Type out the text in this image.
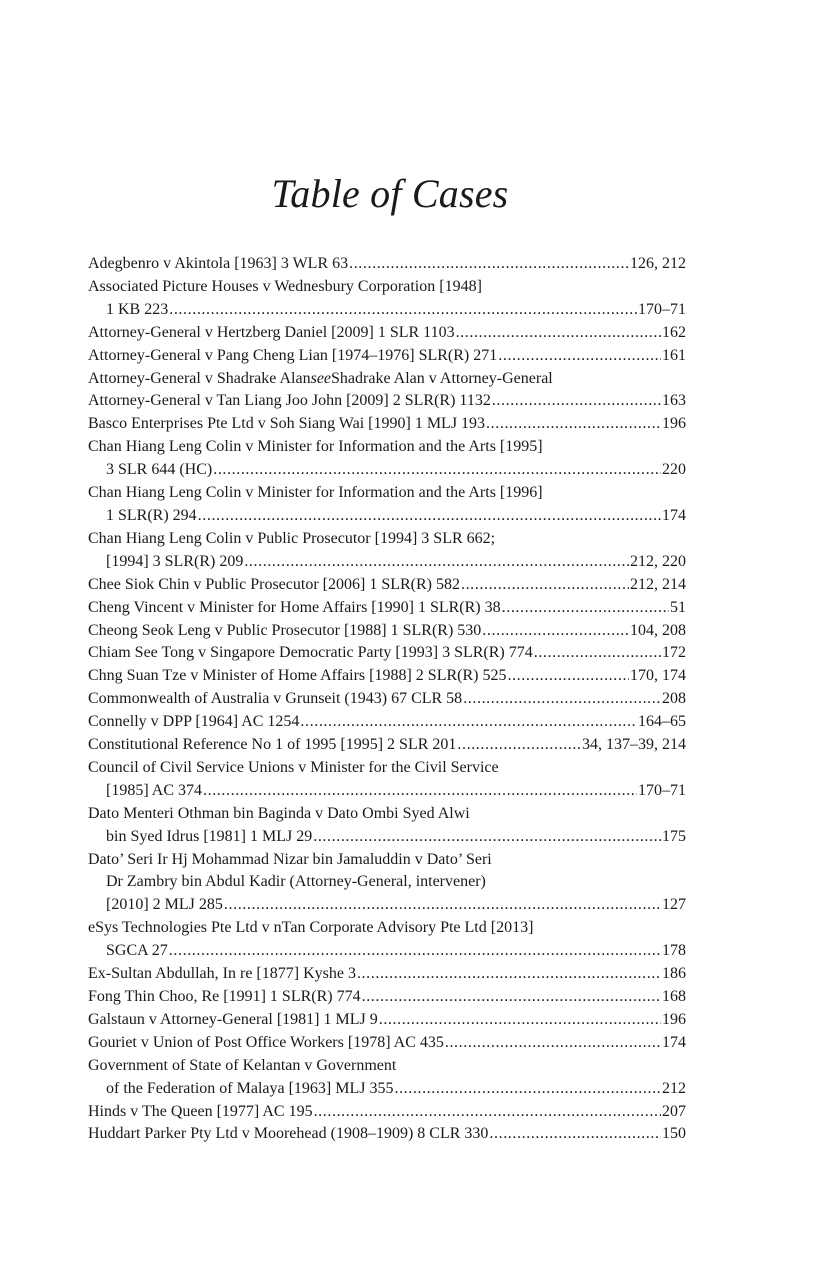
Table of Cases
Adegbenro v Akintola [1963] 3 WLR 63 .....	126, 212
Associated Picture Houses v Wednesbury Corporation [1948]
1 KB 223 .....	170–71
Attorney-General v Hertzberg Daniel [2009] 1 SLR 1103 .....	162
Attorney-General v Pang Cheng Lian [1974–1976] SLR(R) 271 .....	161
Attorney-General v Shadrake Alan see Shadrake Alan v Attorney-General
Attorney-General v Tan Liang Joo John [2009] 2 SLR(R) 1132 .....	163
Basco Enterprises Pte Ltd v Soh Siang Wai [1990] 1 MLJ 193 .....	196
Chan Hiang Leng Colin v Minister for Information and the Arts [1995]
3 SLR 644 (HC) .....	220
Chan Hiang Leng Colin v Minister for Information and the Arts [1996]
1 SLR(R) 294 .....	174
Chan Hiang Leng Colin v Public Prosecutor [1994] 3 SLR 662;
[1994] 3 SLR(R) 209 .....	212, 220
Chee Siok Chin v Public Prosecutor [2006] 1 SLR(R) 582 .....	212, 214
Cheng Vincent v Minister for Home Affairs [1990] 1 SLR(R) 38 .....	51
Cheong Seok Leng v Public Prosecutor [1988] 1 SLR(R) 530 .....	104, 208
Chiam See Tong v Singapore Democratic Party [1993] 3 SLR(R) 774 .....	172
Chng Suan Tze v Minister of Home Affairs [1988] 2 SLR(R) 525 .....	170, 174
Commonwealth of Australia v Grunseit (1943) 67 CLR 58 .....	208
Connelly v DPP [1964] AC 1254 .....	164–65
Constitutional Reference No 1 of 1995 [1995] 2 SLR 201 .....	34, 137–39, 214
Council of Civil Service Unions v Minister for the Civil Service
[1985] AC 374 .....	170–71
Dato Menteri Othman bin Baginda v Dato Ombi Syed Alwi
bin Syed Idrus [1981] 1 MLJ 29 .....	175
Dato’ Seri Ir Hj Mohammad Nizar bin Jamaluddin v Dato’ Seri
Dr Zambry bin Abdul Kadir (Attorney-General, intervener)
[2010] 2 MLJ 285 .....	127
eSys Technologies Pte Ltd v nTan Corporate Advisory Pte Ltd [2013]
SGCA 27 .....	178
Ex-Sultan Abdullah, In re [1877] Kyshe 3 .....	186
Fong Thin Choo, Re [1991] 1 SLR(R) 774 .....	168
Galstaun v Attorney-General [1981] 1 MLJ 9 .....	196
Gouriet v Union of Post Office Workers [1978] AC 435 .....	174
Government of State of Kelantan v Government
of the Federation of Malaya [1963] MLJ 355 .....	212
Hinds v The Queen [1977] AC 195 .....	207
Huddart Parker Pty Ltd v Moorehead (1908–1909) 8 CLR 330 .....	150
